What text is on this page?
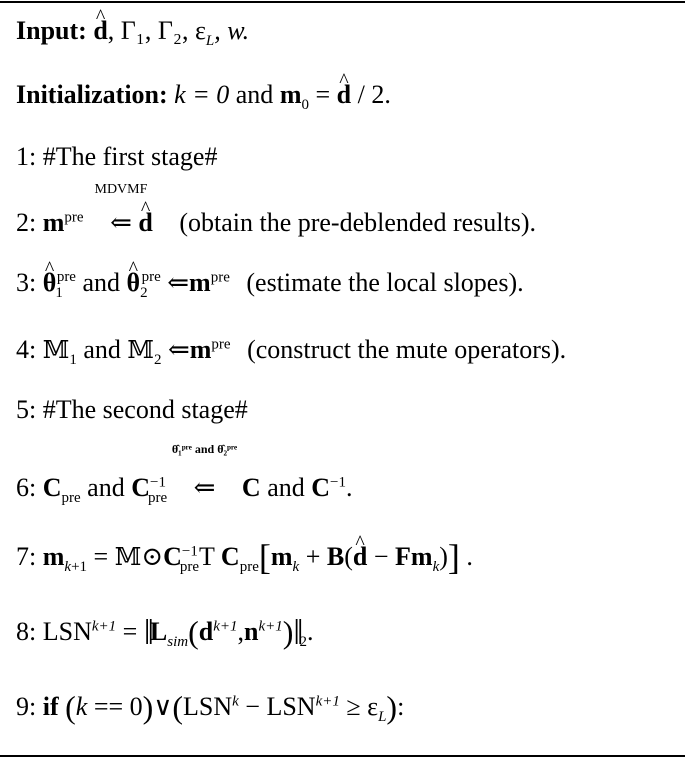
Input: ^ d, Γ₁, Γ₂, $\varepsilon_L$, w.
Initialization: k = 0 and $m_0$ = ^ d / 2.
1: #The first stage#
2: $m^{pre}$
MDVMF
⇐ ^ d (obtain the pre-deblended results).
3: ^ $\theta_1^{pre}$ and ^ $\theta_2^{pre}$ $⇐m^{pre}$ (estimate the local slopes).
4: 𝕄$_1$ and 𝕄$_2$ $⇐m^{pre}$ (construct the mute operators).
5: #The second stage#
6: $C_{pre}$ and $C^{-1}_{pre}$
θ̂₁ᵖʳᵉ and θ̂₂ᵖʳᵉ
⇐ C and $C^{-1}$.
7: $m_{k+1}$ = $𝕄⊙C^{-1}_{pre}T$ $C_{pre}[m_k$ + B(^ $d - Fm_k$)] .
8: $LSN^{k+1}$ = $‖L_{sim}(d^{k+1},n^{k+1})‖_2$.
9: if $(k == 0)\vee(LSN^k - LSN^{k+1} \ge \varepsilon_L)$:
